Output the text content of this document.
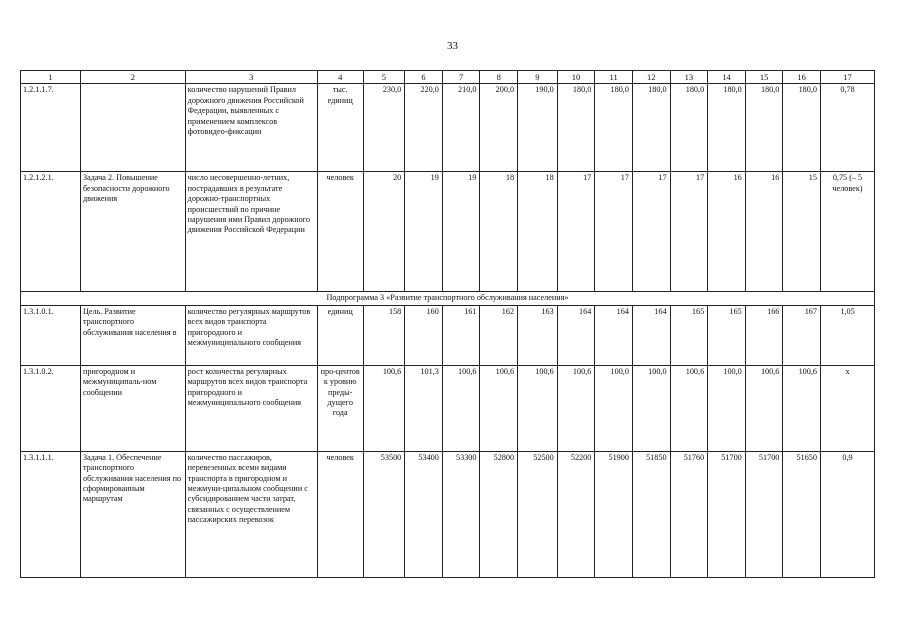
33
1	2	3	4	5	6	7	8	9	10	11	12	13	14	15	16	17
1.2.1.1.7.		количество нарушений Правил дорожного движения Российской Федерации, выявленных с применением комплексов фотовидео-фиксации	тыс. единиц	230,0	220,0	210,0	200,0	190,0	180,0	180,0	180,0	180,0	180,0	180,0	180,0	0,78
1.2.1.2.1.	Задача 2. Повышение безопасности дорожного движения	число несовершенно-летних, пострадавших в результате дорожно-транспортных происшествий по причине нарушения ими Правил дорожного движения Российской Федерации	человек	20	19	19	18	18	17	17	17	17	16	16	15	0,75 (– 5 человек)
Подпрограмма 3 «Развитие транспортного обслуживания населения»																
1.3.1.0.1.	Цель. Развитие транспортного обслуживания населения в	количество регулярных маршрутов всех видов транспорта пригородного и межмуниципального сообщения	единиц	158	160	161	162	163	164	164	164	165	165	166	167	1,05
1.3.1.0.2.	пригородном и межмуниципаль-ном сообщении	рост количества регулярных маршрутов всех видов транспорта пригородного и межмуниципального сообщения	про-центов к уровню преды-дущего года	100,6	101,3	100,6	100,6	100,6	100,6	100,0	100,0	100,6	100,0	100,6	100,6	х
1.3.1.1.1.	Задача 1. Обеспечение транспортного обслуживания населения по сформированным маршрутам	количество пассажиров, перевезенных всеми видами транспорта в пригородном и межмуни-ципальном сообщении с субсидированием части затрат, связанных с осуществлением пассажирских перевозок	человек	53500	53400	53300	52800	52500	52200	51900	51850	51760	51700	51700	51650	0,9
